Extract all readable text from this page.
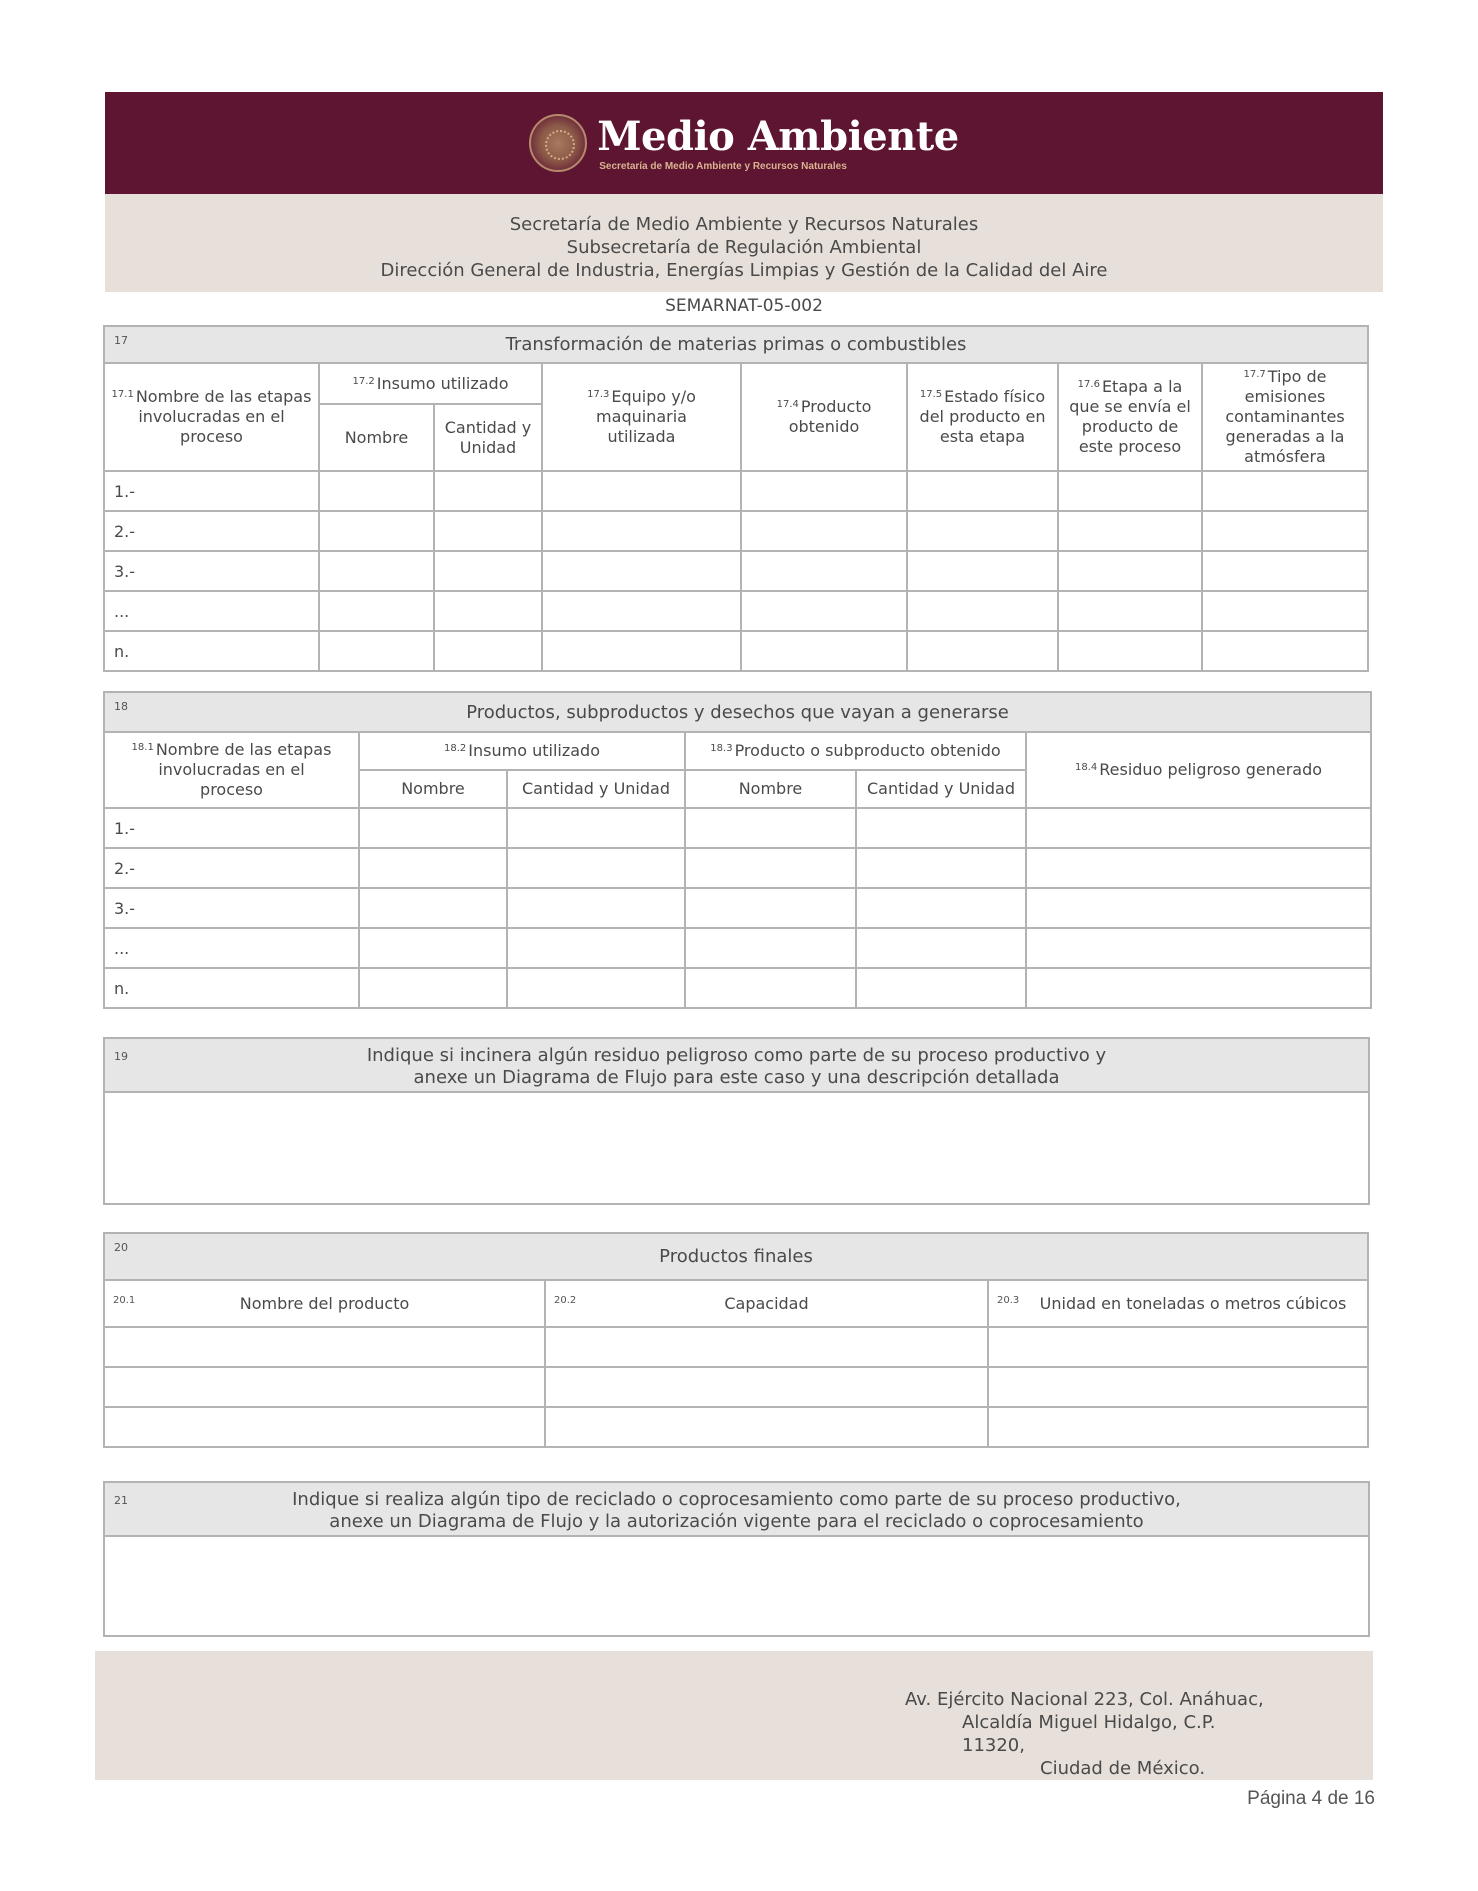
Medio Ambiente
Secretaría de Medio Ambiente y Recursos Naturales
Secretaría de Medio Ambiente y Recursos Naturales
Subsecretaría de Regulación Ambiental
Dirección General de Industria, Energías Limpias y Gestión de la Calidad del Aire
SEMARNAT-05-002
17 Transformación de materias primas o combustibles							
$^{17.1}$ Nombre de las etapas involucradas en el proceso	$^{17.2}$ Insumo utilizado		$^{17.3}$ Equipo y/o maquinaria utilizada	$^{17.4}$ Producto obtenido	$^{17.5}$ Estado físico del producto en esta etapa	$^{17.6}$ Etapa a la que se envía el producto de este proceso	$^{17.7}$ Tipo de emisiones contaminantes generadas a la atmósfera
	Nombre	Cantidad y Unidad					
1.-							
2.-							
3.-							
...							
n.							
18 Productos, subproductos y desechos que vayan a generarse					
$^{18.1}$ Nombre de las etapas involucradas en el proceso	$^{18.2}$ Insumo utilizado		$^{18.3}$ Producto o subproducto obtenido		$^{18.4}$ Residuo peligroso generado
	Nombre	Cantidad y Unidad	Nombre	Cantidad y Unidad	
1.-					
2.-					
3.-					
...					
n.					
19	Indique si incinera algún residuo peligroso como parte de su proceso productivo y
anexe un Diagrama de Flujo para este caso y una descripción detallada

20 Productos finales		

20.1 Nombre del producto	20.2 Capacidad	20.3 Unidad en toneladas o metros cúbicos

21	Indique si realiza algún tipo de reciclado o coprocesamiento como parte de su proceso productivo,
anexe un Diagrama de Flujo y la autorización vigente para el reciclado o coprocesamiento

Av. Ejército Nacional 223, Col. Anáhuac,
Alcaldía Miguel Hidalgo, C.P. 11320,
Ciudad de México.
Página 4 de 16
